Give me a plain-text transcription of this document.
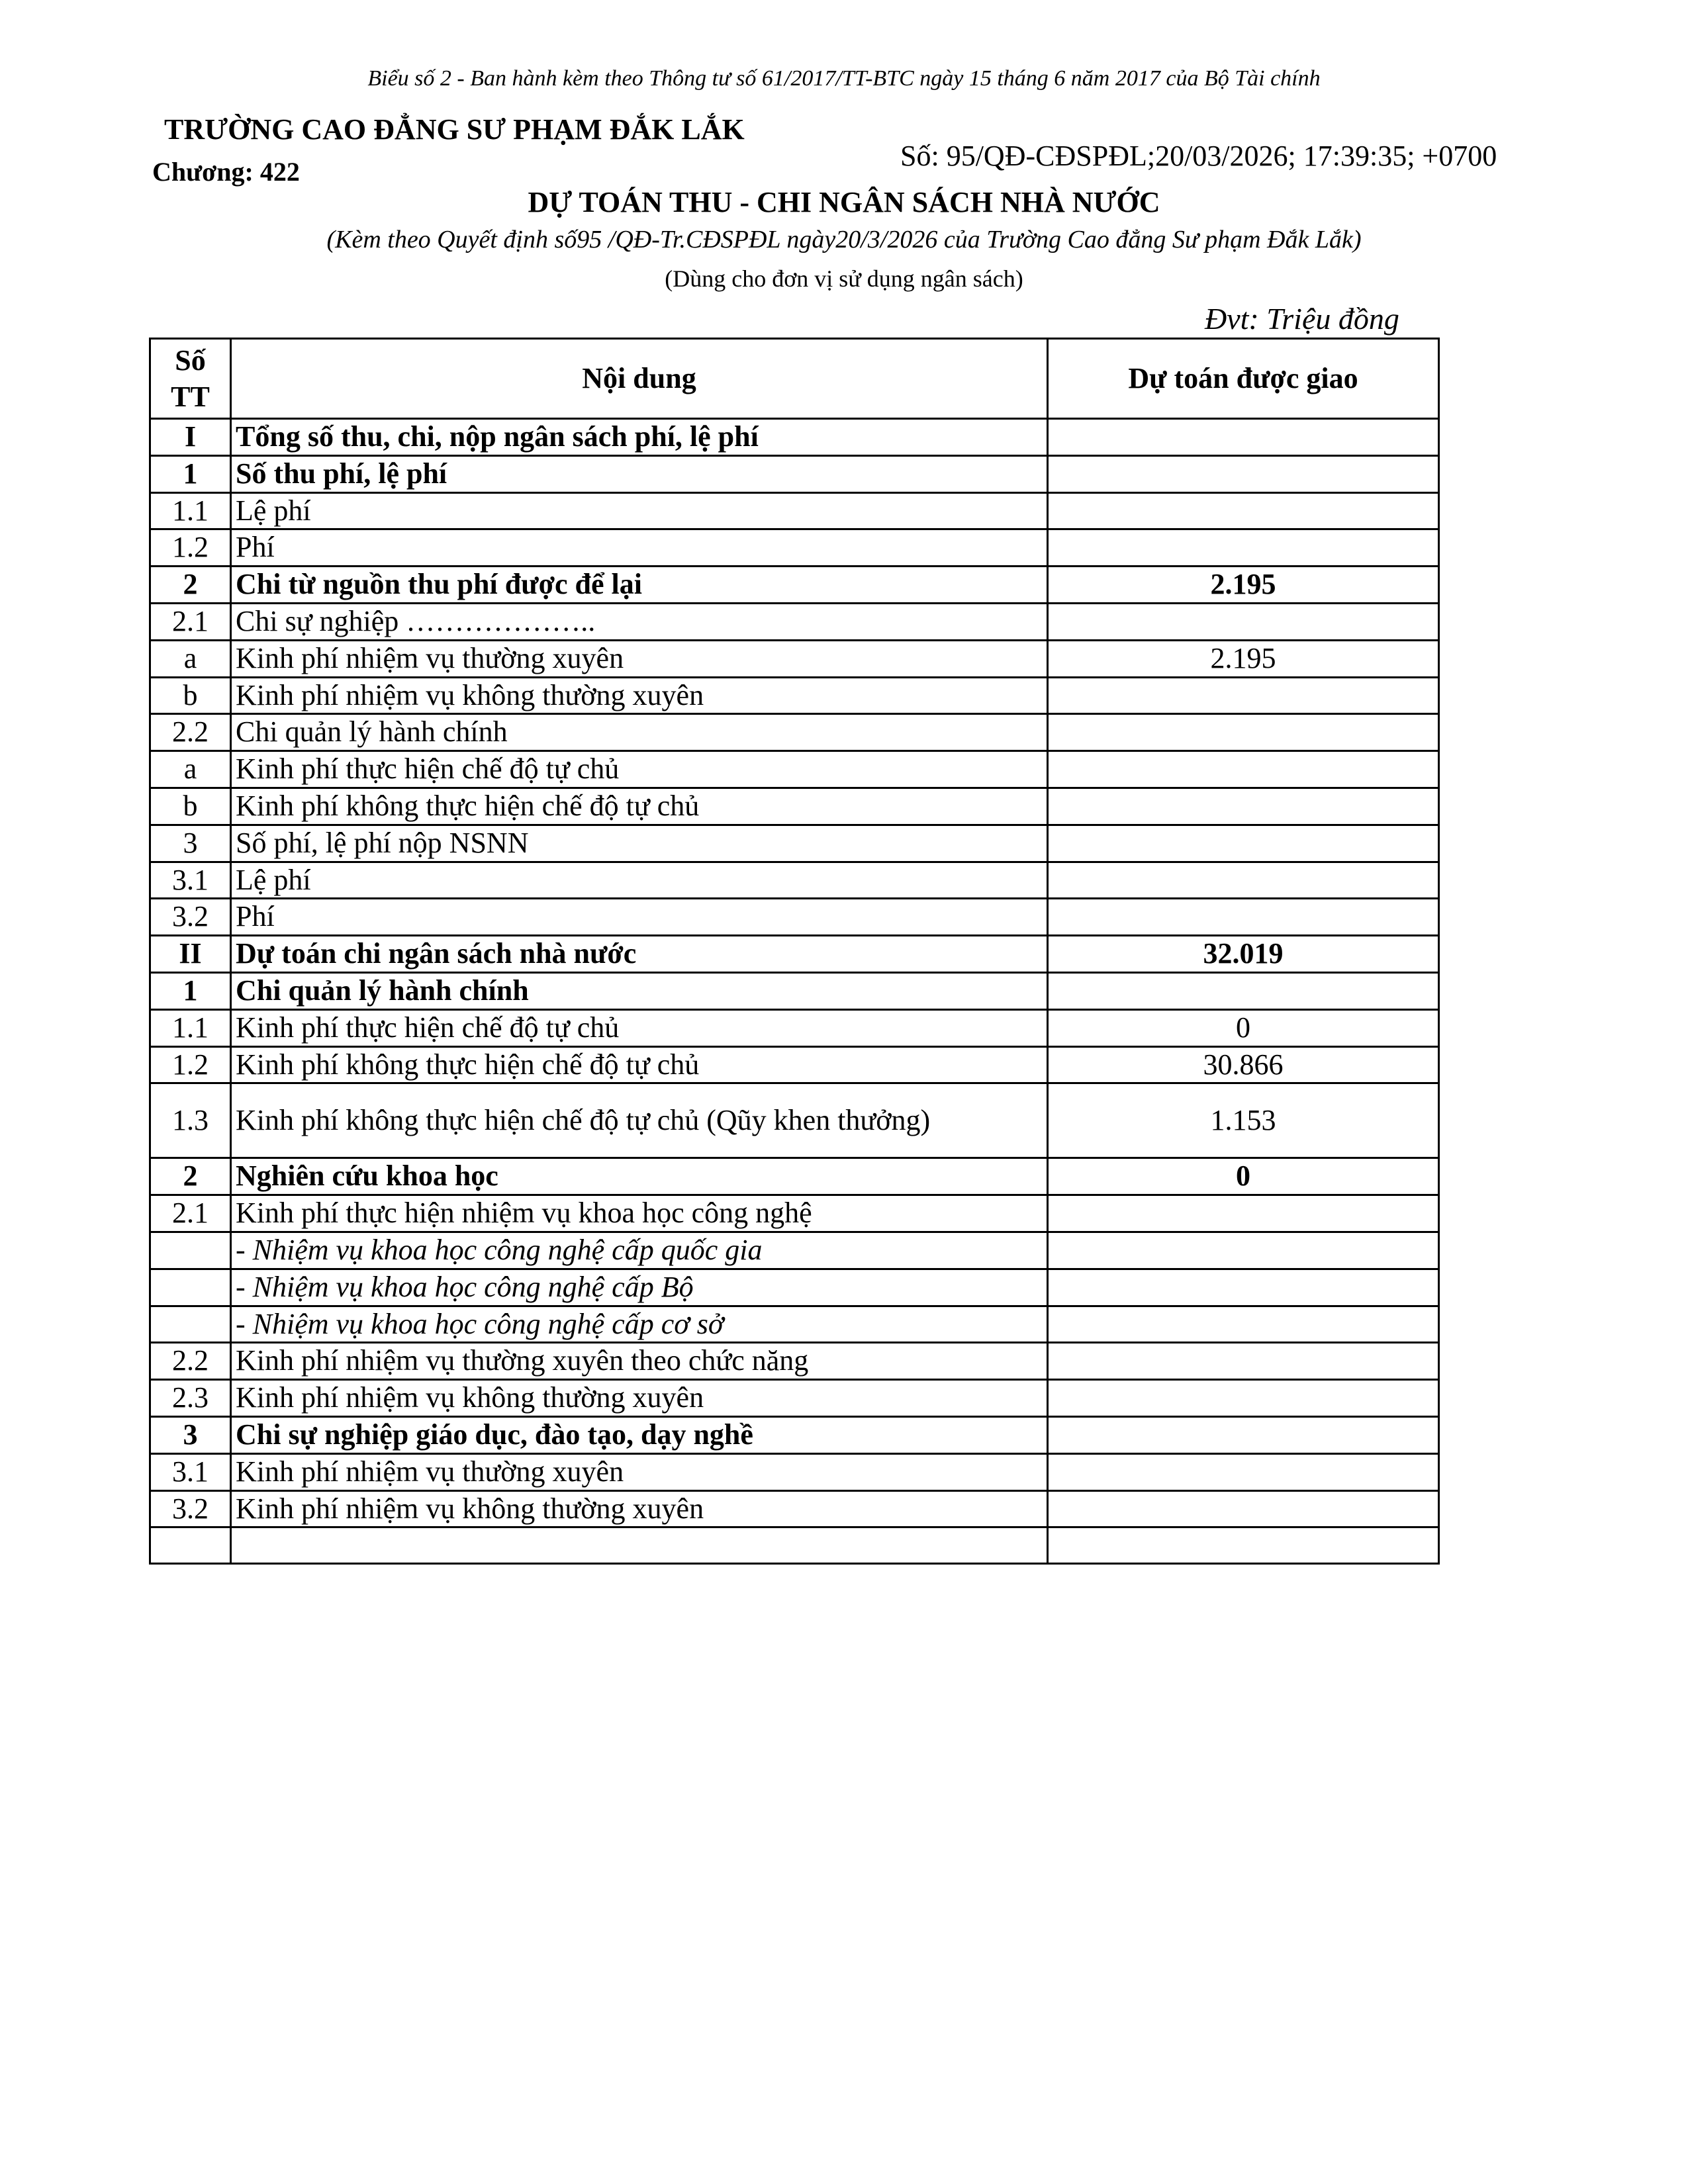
Biểu số 2 - Ban hành kèm theo Thông tư số 61/2017/TT-BTC ngày 15 tháng 6 năm 2017 của Bộ Tài chính
TRƯỜNG CAO ĐẲNG SƯ PHẠM ĐẮK LẮK
Chương: 422	Số: 95/QĐ-CĐSPĐL;20/03/2026; 17:39:35; +0700
DỰ TOÁN THU - CHI NGÂN SÁCH NHÀ NƯỚC
(Kèm theo Quyết định số95 /QĐ-Tr.CĐSPĐL ngày20/3/2026 của Trường Cao đẳng Sư phạm Đắk Lắk)
(Dùng cho đơn vị sử dụng ngân sách)
Đvt: Triệu đồng
Số
TT	Nội dung	Dự toán được giao
I	Tổng số thu, chi, nộp ngân sách phí, lệ phí	
1	Số thu phí, lệ phí	
1.1	Lệ phí	
1.2	Phí	
2	Chi từ nguồn thu phí được để lại	2.195
2.1	Chi sự nghiệp ………………..	
a	Kinh phí nhiệm vụ thường xuyên	2.195
b	Kinh phí nhiệm vụ không thường xuyên	
2.2	Chi quản lý hành chính	
a	Kinh phí thực hiện chế độ tự chủ	
b	Kinh phí không thực hiện chế độ tự chủ	
3	Số phí, lệ phí nộp NSNN	
3.1	Lệ phí	
3.2	Phí	
II	Dự toán chi ngân sách nhà nước	32.019
1	Chi quản lý hành chính	
1.1	Kinh phí thực hiện chế độ tự chủ	0
1.2	Kinh phí không thực hiện chế độ tự chủ	30.866
1.3	Kinh phí không thực hiện chế độ tự chủ (Qũy khen thưởng)	1.153
2	Nghiên cứu khoa học	0
2.1	Kinh phí thực hiện nhiệm vụ khoa học công nghệ	
	- Nhiệm vụ khoa học công nghệ cấp quốc gia	
	- Nhiệm vụ khoa học công nghệ cấp Bộ	
	- Nhiệm vụ khoa học công nghệ cấp cơ sở	
2.2	Kinh phí nhiệm vụ thường xuyên theo chức năng	
2.3	Kinh phí nhiệm vụ không thường xuyên	
3	Chi sự nghiệp giáo dục, đào tạo, dạy nghề	
3.1	Kinh phí nhiệm vụ thường xuyên	
3.2	Kinh phí nhiệm vụ không thường xuyên	
